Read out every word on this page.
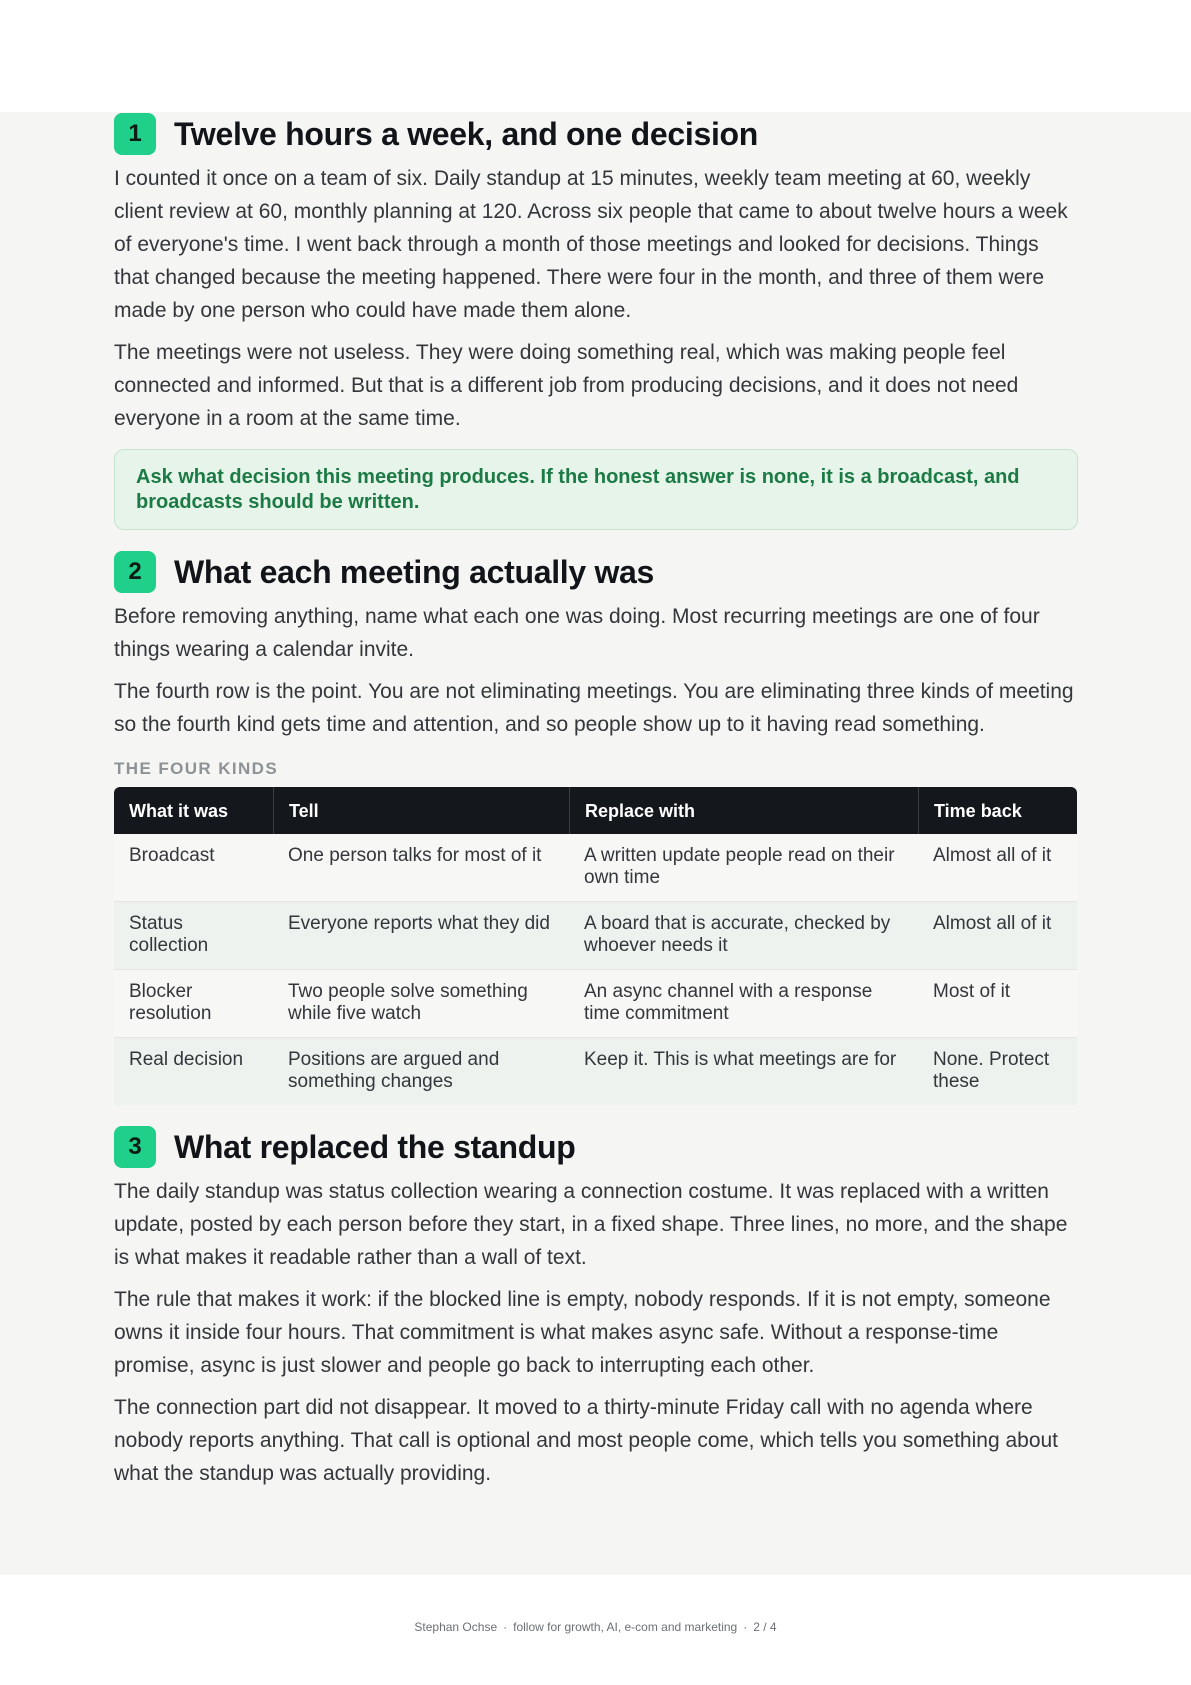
1	Twelve hours a week, and one decision

I counted it once on a team of six. Daily standup at 15 minutes, weekly team meeting at 60, weekly client review at 60, monthly planning at 120. Across six people that came to about twelve hours a week of everyone's time. I went back through a month of those meetings and looked for decisions. Things that changed because the meeting happened. There were four in the month, and three of them were made by one person who could have made them alone.

The meetings were not useless. They were doing something real, which was making people feel connected and informed. But that is a different job from producing decisions, and it does not need everyone in a room at the same time.

Ask what decision this meeting produces. If the honest answer is none, it is a broadcast, and broadcasts should be written.
2	What each meeting actually was

Before removing anything, name what each one was doing. Most recurring meetings are one of four things wearing a calendar invite.

The fourth row is the point. You are not eliminating meetings. You are eliminating three kinds of meeting so the fourth kind gets time and attention, and so people show up to it having read something.

THE FOUR KINDS
What it was	Tell	Replace with	Time back
Broadcast	One person talks for most of it	A written update people read on their own time	Almost all of it
Status collection	Everyone reports what they did	A board that is accurate, checked by whoever needs it	Almost all of it
Blocker resolution	Two people solve something while five watch	An async channel with a response time commitment	Most of it
Real decision	Positions are argued and something changes	Keep it. This is what meetings are for	None. Protect these
3	What replaced the standup

The daily standup was status collection wearing a connection costume. It was replaced with a written update, posted by each person before they start, in a fixed shape. Three lines, no more, and the shape is what makes it readable rather than a wall of text.

The rule that makes it work: if the blocked line is empty, nobody responds. If it is not empty, someone owns it inside four hours. That commitment is what makes async safe. Without a response-time promise, async is just slower and people go back to interrupting each other.

The connection part did not disappear. It moved to a thirty-minute Friday call with no agenda where nobody reports anything. That call is optional and most people come, which tells you something about what the standup was actually providing.

Stephan Ochse · follow for growth, AI, e-com and marketing · 2 / 4
